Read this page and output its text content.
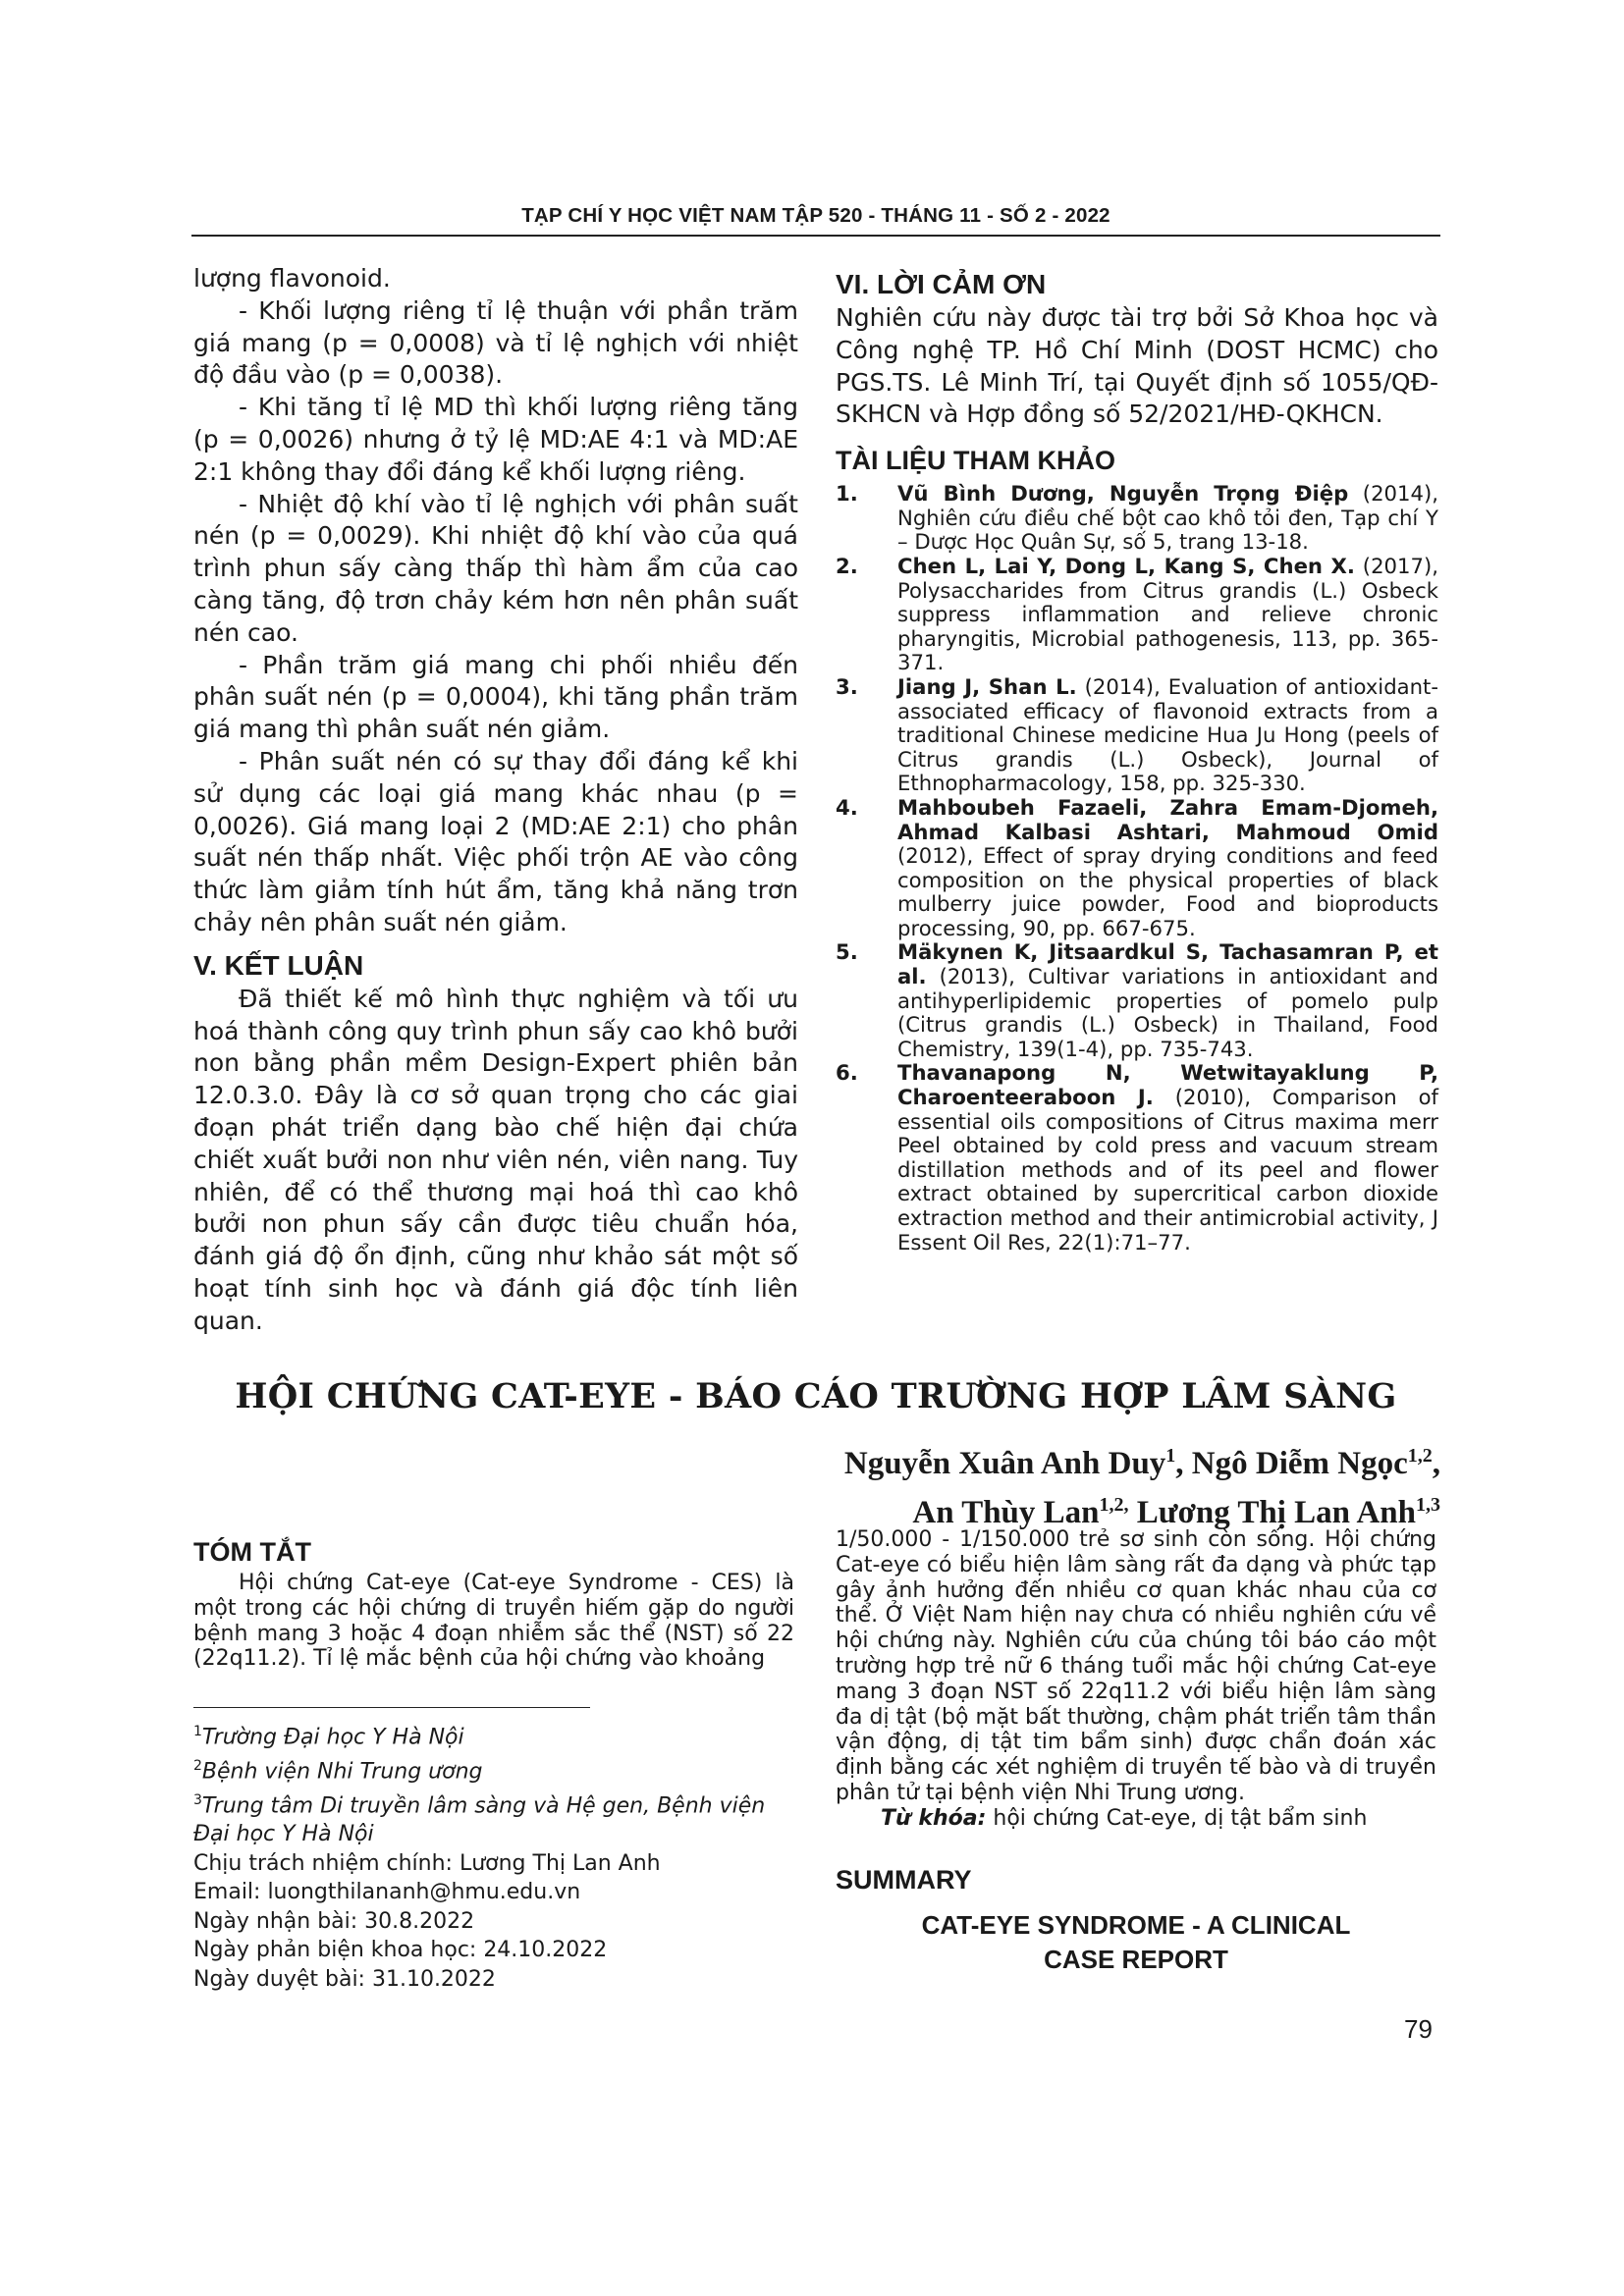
TẠP CHÍ Y HỌC VIỆT NAM TẬP 520 - THÁNG 11 - SỐ 2 - 2022

lượng flavonoid.

- Khối lượng riêng tỉ lệ thuận với phần trăm giá mang (p = 0,0008) và tỉ lệ nghịch với nhiệt độ đầu vào (p = 0,0038).

- Khi tăng tỉ lệ MD thì khối lượng riêng tăng (p = 0,0026) nhưng ở tỷ lệ MD:AE 4:1 và MD:AE 2:1 không thay đổi đáng kể khối lượng riêng.

- Nhiệt độ khí vào tỉ lệ nghịch với phân suất nén (p = 0,0029). Khi nhiệt độ khí vào của quá trình phun sấy càng thấp thì hàm ẩm của cao càng tăng, độ trơn chảy kém hơn nên phân suất nén cao.

- Phần trăm giá mang chi phối nhiều đến phân suất nén (p = 0,0004), khi tăng phần trăm giá mang thì phân suất nén giảm.

- Phân suất nén có sự thay đổi đáng kể khi sử dụng các loại giá mang khác nhau (p = 0,0026). Giá mang loại 2 (MD:AE 2:1) cho phân suất nén thấp nhất. Việc phối trộn AE vào công thức làm giảm tính hút ẩm, tăng khả năng trơn chảy nên phân suất nén giảm.

V. KẾT LUẬN

Đã thiết kế mô hình thực nghiệm và tối ưu hoá thành công quy trình phun sấy cao khô bưởi non bằng phần mềm Design-Expert phiên bản 12.0.3.0. Đây là cơ sở quan trọng cho các giai đoạn phát triển dạng bào chế hiện đại chứa chiết xuất bưởi non như viên nén, viên nang. Tuy nhiên, để có thể thương mại hoá thì cao khô bưởi non phun sấy cần được tiêu chuẩn hóa, đánh giá độ ổn định, cũng như khảo sát một số hoạt tính sinh học và đánh giá độc tính liên quan.

VI. LỜI CẢM ƠN

Nghiên cứu này được tài trợ bởi Sở Khoa học và Công nghệ TP. Hồ Chí Minh (DOST HCMC) cho PGS.TS. Lê Minh Trí, tại Quyết định số 1055/QĐ-SKHCN và Hợp đồng số 52/2021/HĐ-QKHCN.

TÀI LIỆU THAM KHẢO

1. Vũ Bình Dương, Nguyễn Trọng Điệp (2014), Nghiên cứu điều chế bột cao khô tỏi đen, Tạp chí Y – Dược Học Quân Sự, số 5, trang 13-18.

2. Chen L, Lai Y, Dong L, Kang S, Chen X. (2017), Polysaccharides from Citrus grandis (L.) Osbeck suppress inflammation and relieve chronic pharyngitis, Microbial pathogenesis, 113, pp. 365-371.

3. Jiang J, Shan L. (2014), Evaluation of antioxidant-associated efficacy of flavonoid extracts from a traditional Chinese medicine Hua Ju Hong (peels of Citrus grandis (L.) Osbeck), Journal of Ethnopharmacology, 158, pp. 325-330.

4. Mahboubeh Fazaeli, Zahra Emam-Djomeh, Ahmad Kalbasi Ashtari, Mahmoud Omid (2012), Effect of spray drying conditions and feed composition on the physical properties of black mulberry juice powder, Food and bioproducts processing, 90, pp. 667-675.

5. Mäkynen K, Jitsaardkul S, Tachasamran P, et al. (2013), Cultivar variations in antioxidant and antihyperlipidemic properties of pomelo pulp (Citrus grandis (L.) Osbeck) in Thailand, Food Chemistry, 139(1-4), pp. 735-743.

6. Thavanapong N, Wetwitayaklung P, Charoenteeraboon J. (2010), Comparison of essential oils compositions of Citrus maxima merr Peel obtained by cold press and vacuum stream distillation methods and of its peel and flower extract obtained by supercritical carbon dioxide extraction method and their antimicrobial activity, J Essent Oil Res, 22(1):71–77.

HỘI CHỨNG CAT-EYE - BÁO CÁO TRƯỜNG HỢP LÂM SÀNG
Nguyễn Xuân Anh Duy$^1$, Ngô Diễm Ngọc$^{1,2}$,
An Thùy Lan$^{1,2,}$ Lương Thị Lan Anh$^{1,3}$
TÓM TẮT

Hội chứng Cat-eye (Cat-eye Syndrome - CES) là một trong các hội chứng di truyền hiếm gặp do người bệnh mang 3 hoặc 4 đoạn nhiễm sắc thể (NST) số 22 (22q11.2). Tỉ lệ mắc bệnh của hội chứng vào khoảng

$^1$Trường Đại học Y Hà Nội
$^2$Bệnh viện Nhi Trung ương
$^3$Trung tâm Di truyền lâm sàng và Hệ gen, Bệnh viện Đại học Y Hà Nội
Chịu trách nhiệm chính: Lương Thị Lan Anh
Email: luongthilananh@hmu.edu.vn
Ngày nhận bài: 30.8.2022
Ngày phản biện khoa học: 24.10.2022
Ngày duyệt bài: 31.10.2022

1/50.000 - 1/150.000 trẻ sơ sinh còn sống. Hội chứng Cat-eye có biểu hiện lâm sàng rất đa dạng và phức tạp gây ảnh hưởng đến nhiều cơ quan khác nhau của cơ thể. Ở Việt Nam hiện nay chưa có nhiều nghiên cứu về hội chứng này. Nghiên cứu của chúng tôi báo cáo một trường hợp trẻ nữ 6 tháng tuổi mắc hội chứng Cat-eye mang 3 đoạn NST số 22q11.2 với biểu hiện lâm sàng đa dị tật (bộ mặt bất thường, chậm phát triển tâm thần vận động, dị tật tim bẩm sinh) được chẩn đoán xác định bằng các xét nghiệm di truyền tế bào và di truyền phân tử tại bệnh viện Nhi Trung ương.

Từ khóa: hội chứng Cat-eye, dị tật bẩm sinh

SUMMARY
CAT-EYE SYNDROME - A CLINICAL
CASE REPORT
79
